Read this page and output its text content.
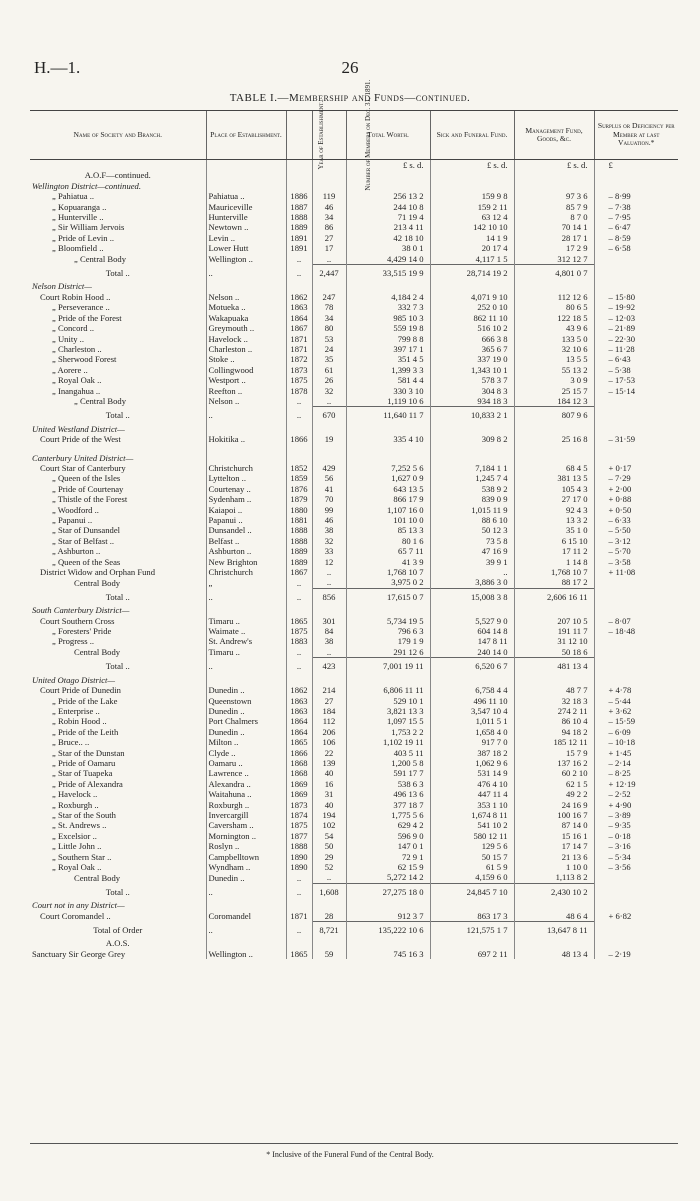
H.—1.	26
TABLE I.—Membership and Funds—continued.
Name of Society and Branch.	Place of Establishment.	Year of Establishment.	Number of Members on Dec. 31, 1891.	Total Worth.	Sick and Funeral Fund.	Management Fund, Goods, &c.	Surplus or Deficiency per Member at last Valuation.*
				£ s. d.	£ s. d.	£ s. d.	£
A.O.F—continued.							
Wellington District—continued.							
„ Pahiatua ..	Pahiatua ..	1886	119	256 13 2	159 9 8	97 3 6	– 8·99
„ Kopuaranga ..	Mauriceville	1887	46	244 10 8	159 2 11	85 7 9	– 7·38
„ Hunterville ..	Hunterville	1888	34	71 19 4	63 12 4	8 7 0	– 7·95
„ Sir William Jervois	Newtown ..	1889	86	213 4 11	142 10 10	70 14 1	– 6·47
„ Pride of Levin ..	Levin ..	1891	27	42 18 10	14 1 9	28 17 1	– 8·59
„ Bloomfield ..	Lower Hutt	1891	17	38 0 1	20 17 4	17 2 9	– 6·58
„ Central Body	Wellington ..	..	..	4,429 14 0	4,117 1 5	312 12 7	
Total ..	..	..	2,447	33,515 19 9	28,714 19 2	4,801 0 7	
Nelson District—							
Court Robin Hood ..	Nelson ..	1862	247	4,184 2 4	4,071 9 10	112 12 6	– 15·80
„ Perseverance ..	Motueka ..	1863	78	332 7 3	252 0 10	80 6 5	– 19·92
„ Pride of the Forest	Wakapuaka	1864	34	985 10 3	862 11 10	122 18 5	– 12·03
„ Concord ..	Greymouth ..	1867	80	559 19 8	516 10 2	43 9 6	– 21·89
„ Unity ..	Havelock ..	1871	53	799 8 8	666 3 8	133 5 0	– 22·30
„ Charleston ..	Charleston ..	1871	24	397 17 1	365 6 7	32 10 6	– 11·28
„ Sherwood Forest	Stoke ..	1872	35	351 4 5	337 19 0	13 5 5	– 6·43
„ Aorere ..	Collingwood	1873	61	1,399 3 3	1,343 10 1	55 13 2	– 5·38
„ Royal Oak ..	Westport ..	1875	26	581 4 4	578 3 7	3 0 9	– 17·53
„ Inangahua ..	Reefton ..	1878	32	330 3 10	304 8 3	25 15 7	– 15·14
„ Central Body	Nelson ..	..	..	1,119 10 6	934 18 3	184 12 3	
Total ..	..	..	670	11,640 11 7	10,833 2 1	807 9 6	
United Westland District—							
Court Pride of the West	Hokitika ..	1866	19	335 4 10	309 8 2	25 16 8	– 31·59

Canterbury United District—							
Court Star of Canterbury	Christchurch	1852	429	7,252 5 6	7,184 1 1	68 4 5	+ 0·17
„ Queen of the Isles	Lyttelton ..	1859	56	1,627 0 9	1,245 7 4	381 13 5	– 7·29
„ Pride of Courtenay	Courtenay ..	1876	41	643 13 5	538 9 2	105 4 3	+ 2·00
„ Thistle of the Forest	Sydenham ..	1879	70	866 17 9	839 0 9	27 17 0	+ 0·88
„ Woodford ..	Kaiapoi ..	1880	99	1,107 16 0	1,015 11 9	92 4 3	+ 0·50
„ Papanui ..	Papanui ..	1881	46	101 10 0	88 6 10	13 3 2	– 6·33
„ Star of Dunsandel	Dunsandel ..	1888	38	85 13 3	50 12 3	35 1 0	– 5·50
„ Star of Belfast ..	Belfast ..	1888	32	80 1 6	73 5 8	6 15 10	– 3·12
„ Ashburton ..	Ashburton ..	1889	33	65 7 11	47 16 9	17 11 2	– 5·70
„ Queen of the Seas	New Brighton	1889	12	41 3 9	39 9 1	1 14 8	– 3·58
District Widow and Orphan Fund	Christchurch	1867	..	1,768 10 7	..	1,768 10 7	+ 11·08
Central Body	„	..	..	3,975 0 2	3,886 3 0	88 17 2	
Total ..	..	..	856	17,615 0 7	15,008 3 8	2,606 16 11	
South Canterbury District—							
Court Southern Cross	Timaru ..	1865	301	5,734 19 5	5,527 9 0	207 10 5	– 8·07
„ Foresters' Pride	Waimate ..	1875	84	796 6 3	604 14 8	191 11 7	– 18·48
„ Progress ..	St. Andrew's	1883	38	179 1 9	147 8 11	31 12 10	
Central Body	Timaru ..	..	..	291 12 6	240 14 0	50 18 6	
Total ..	..	..	423	7,001 19 11	6,520 6 7	481 13 4	
United Otago District—							
Court Pride of Dunedin	Dunedin ..	1862	214	6,806 11 11	6,758 4 4	48 7 7	+ 4·78
„ Pride of the Lake	Queenstown	1863	27	529 10 1	496 11 10	32 18 3	– 5·44
„ Enterprise ..	Dunedin ..	1863	184	3,821 13 3	3,547 10 4	274 2 11	+ 3·62
„ Robin Hood ..	Port Chalmers	1864	112	1,097 15 5	1,011 5 1	86 10 4	– 15·59
„ Pride of the Leith	Dunedin ..	1864	206	1,753 2 2	1,658 4 0	94 18 2	– 6·09
„ Bruce.. ..	Milton ..	1865	106	1,102 19 11	917 7 0	185 12 11	– 10·18
„ Star of the Dunstan	Clyde ..	1866	22	403 5 11	387 18 2	15 7 9	+ 1·45
„ Pride of Oamaru	Oamaru ..	1868	139	1,200 5 8	1,062 9 6	137 16 2	– 2·14
„ Star of Tuapeka	Lawrence ..	1868	40	591 17 7	531 14 9	60 2 10	– 8·25
„ Pride of Alexandra	Alexandra ..	1869	16	538 6 3	476 4 10	62 1 5	+ 12·19
„ Havelock ..	Waitahuna ..	1869	31	496 13 6	447 11 4	49 2 2	– 2·52
„ Roxburgh ..	Roxburgh ..	1873	40	377 18 7	353 1 10	24 16 9	+ 4·90
„ Star of the South	Invercargill	1874	194	1,775 5 6	1,674 8 11	100 16 7	– 3·89
„ St. Andrews ..	Caversham ..	1875	102	629 4 2	541 10 2	87 14 0	– 9·35
„ Excelsior ..	Mornington ..	1877	54	596 9 0	580 12 11	15 16 1	– 0·18
„ Little John ..	Roslyn ..	1888	50	147 0 1	129 5 6	17 14 7	– 3·16
„ Southern Star ..	Campbelltown	1890	29	72 9 1	50 15 7	21 13 6	– 5·34
„ Royal Oak ..	Wyndham ..	1890	52	62 15 9	61 5 9	1 10 0	– 3·56
Central Body	Dunedin ..	..	..	5,272 14 2	4,159 6 0	1,113 8 2	
Total ..	..	..	1,608	27,275 18 0	24,845 7 10	2,430 10 2	
Court not in any District—							
Court Coromandel ..	Coromandel	1871	28	912 3 7	863 17 3	48 6 4	+ 6·82
Total of Order	..	..	8,721	135,222 10 6	121,575 1 7	13,647 8 11	
A.O.S.							
Sanctuary Sir George Grey	Wellington ..	1865	59	745 16 3	697 2 11	48 13 4	– 2·19
* Inclusive of the Funeral Fund of the Central Body.
